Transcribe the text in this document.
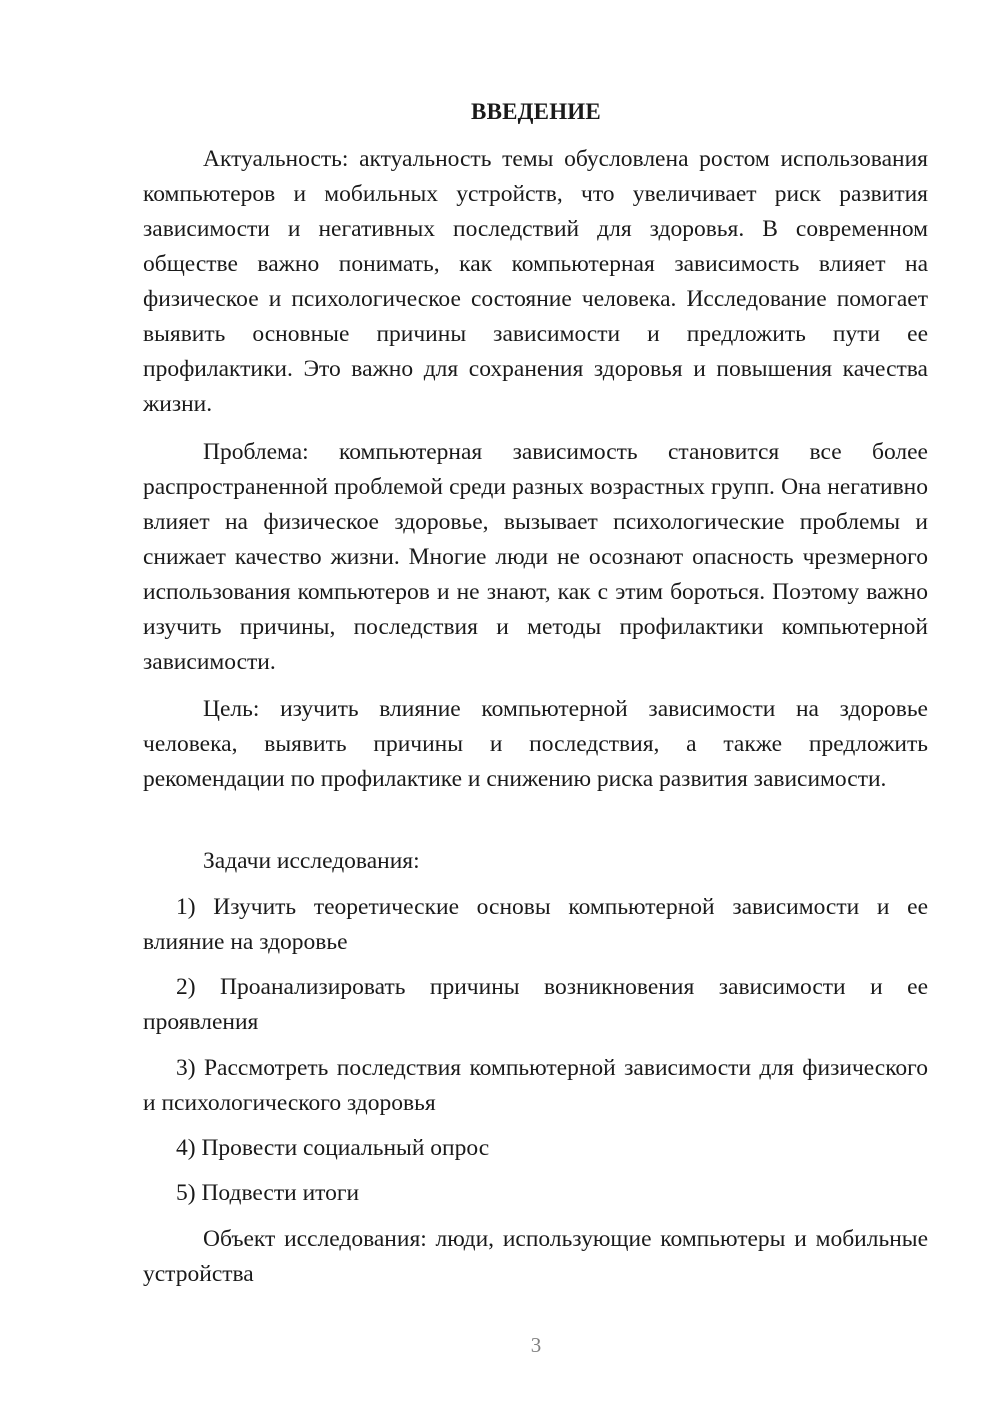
ВВЕДЕНИЕ

Актуальность: актуальность темы обусловлена ростом использования компьютеров и мобильных устройств, что увеличивает риск развития зависимости и негативных последствий для здоровья. В современном обществе важно понимать, как компьютерная зависимость влияет на физическое и психологическое состояние человека. Исследование помогает выявить основные причины зависимости и предложить пути ее профилактики. Это важно для сохранения здоровья и повышения качества жизни.

Проблема: компьютерная зависимость становится все более распространенной проблемой среди разных возрастных групп. Она негативно влияет на физическое здоровье, вызывает психологические проблемы и снижает качество жизни. Многие люди не осознают опасность чрезмерного использования компьютеров и не знают, как с этим бороться. Поэтому важно изучить причины, последствия и методы профилактики компьютерной зависимости.

Цель: изучить влияние компьютерной зависимости на здоровье человека, выявить причины и последствия, а также предложить рекомендации по профилактике и снижению риска развития зависимости.

Задачи исследования:

1) Изучить теоретические основы компьютерной зависимости и ее влияние на здоровье

2) Проанализировать причины возникновения зависимости и ее проявления

3) Рассмотреть последствия компьютерной зависимости для физического и психологического здоровья

4) Провести социальный опрос

5) Подвести итоги

Объект исследования: люди, использующие компьютеры и мобильные устройства

3
